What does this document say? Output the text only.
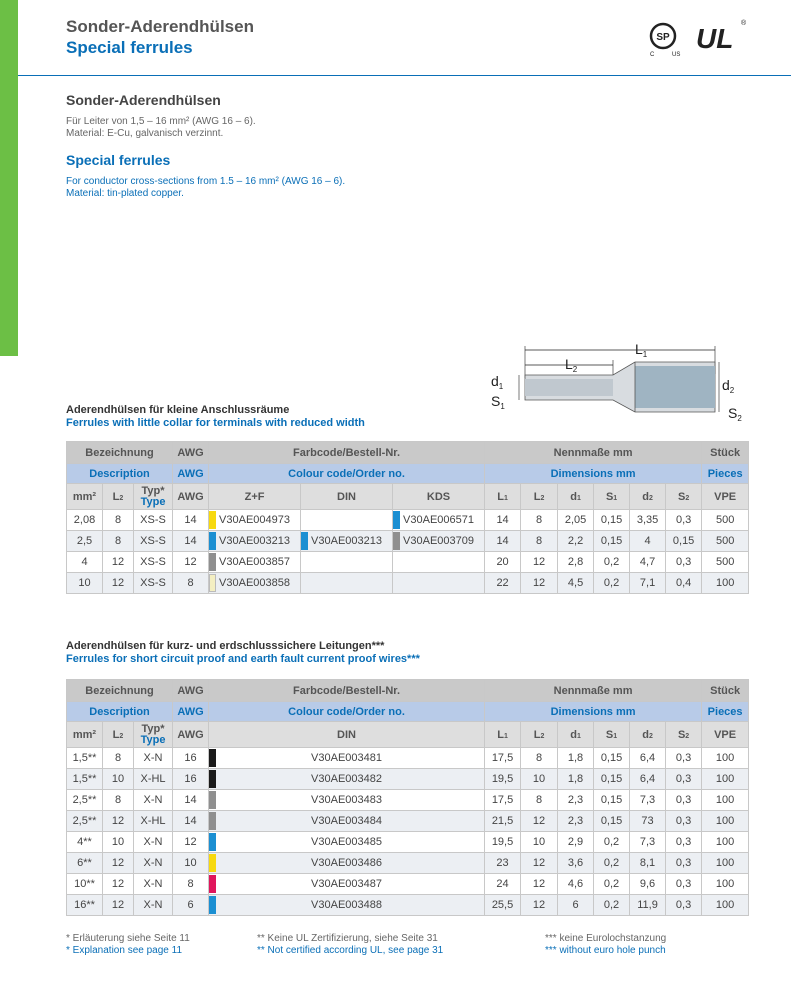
Sonder-Aderendhülsen
Special ferrules
SP
C	US
UL ®
Sonder-Aderendhülsen
Für Leiter von 1,5 – 16 mm² (AWG 16 – 6).
Material: E-Cu, galvanisch verzinnt.
Special ferrules
For conductor cross-sections from 1.5 – 16 mm² (AWG 16 – 6).
Material: tin-plated copper.
$L_1$
$L_2$
$d_1$
$S_1$
$d_2$
$S_2$
Aderendhülsen für kleine Anschlussräume
Ferrules with little collar for terminals with reduced width
Bezeichnung			AWG	Farbcode/Bestell-Nr.			Nennmaße mm						Stück
Description			AWG	Colour code/Order no.			Dimensions mm						Pieces
mm²	L2	Typ*
Type	AWG	Z+F	DIN	KDS	L1	L2	d1	S1	d2	S2	VPE
2,08	8	XS-S	14	V30AE004973		V30AE006571	14	8	2,05	0,15	3,35	0,3	500
2,5	8	XS-S	14	V30AE003213	V30AE003213	V30AE003709	14	8	2,2	0,15	4	0,15	500
4	12	XS-S	12	V30AE003857			20	12	2,8	0,2	4,7	0,3	500
10	12	XS-S	8	V30AE003858			22	12	4,5	0,2	7,1	0,4	100
Aderendhülsen für kurz- und erdschlusssichere Leitungen***
Ferrules for short circuit proof and earth fault current proof wires***
Bezeichnung			AWG	Farbcode/Bestell-Nr.	Nennmaße mm						Stück
Description			AWG	Colour code/Order no.	Dimensions mm						Pieces
mm²	L2	Typ*
Type	AWG	DIN	L1	L2	d1	S1	d2	S2	VPE
1,5**	8	X-N	16	V30AE003481	17,5	8	1,8	0,15	6,4	0,3	100
1,5**	10	X-HL	16	V30AE003482	19,5	10	1,8	0,15	6,4	0,3	100
2,5**	8	X-N	14	V30AE003483	17,5	8	2,3	0,15	7,3	0,3	100
2,5**	12	X-HL	14	V30AE003484	21,5	12	2,3	0,15	73	0,3	100
4**	10	X-N	12	V30AE003485	19,5	10	2,9	0,2	7,3	0,3	100
6**	12	X-N	10	V30AE003486	23	12	3,6	0,2	8,1	0,3	100
10**	12	X-N	8	V30AE003487	24	12	4,6	0,2	9,6	0,3	100
16**	12	X-N	6	V30AE003488	25,5	12	6	0,2	11,9	0,3	100
* Erläuterung siehe Seite 11
* Explanation see page 11
** Keine UL Zertifizierung, siehe Seite 31
** Not certified according UL, see page 31
*** keine Eurolochstanzung
*** without euro hole punch
